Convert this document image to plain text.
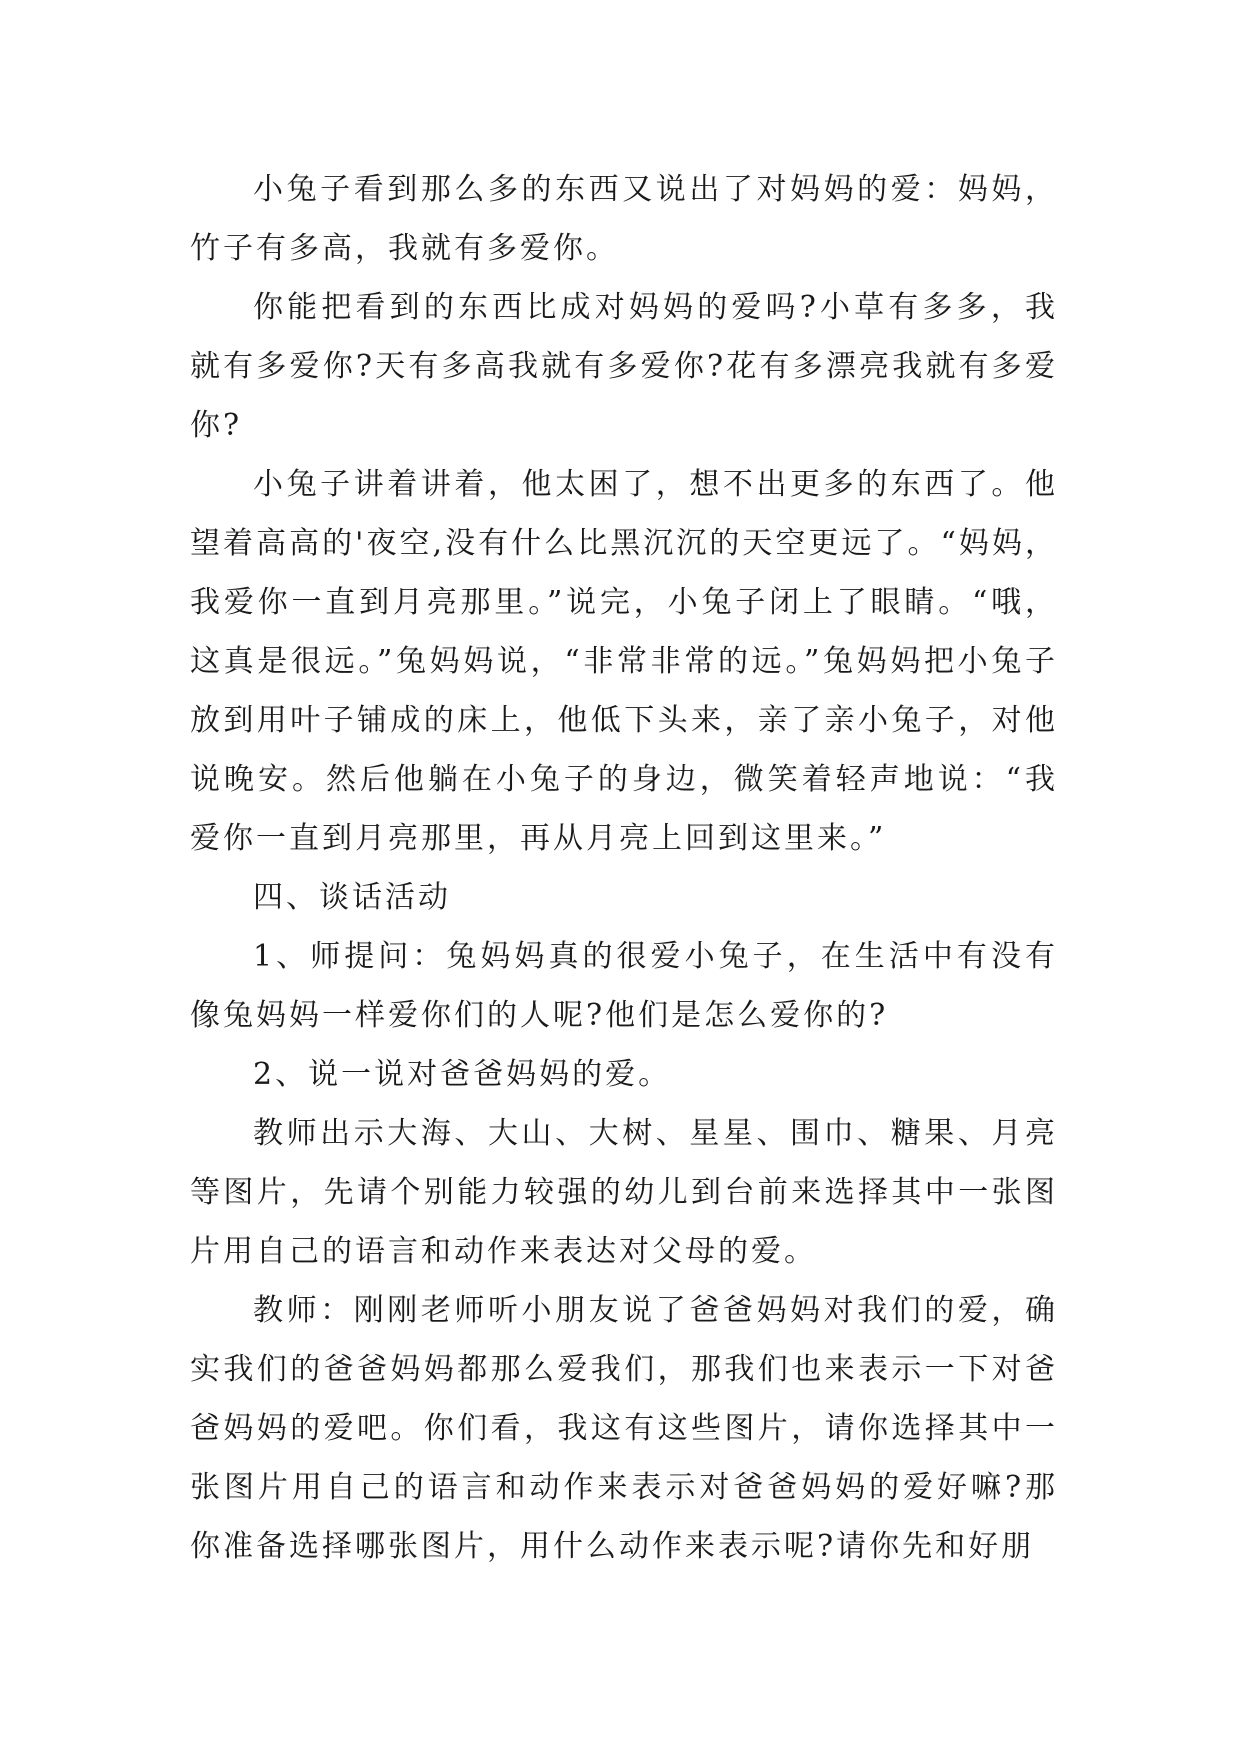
小兔子看到那么多的东西又说出了对妈妈的爱：妈妈，竹子有多高，我就有多爱你。

你能把看到的东西比成对妈妈的爱吗?小草有多多，我就有多爱你?天有多高我就有多爱你?花有多漂亮我就有多爱你?

小兔子讲着讲着，他太困了，想不出更多的东西了。他望着高高的'夜空,没有什么比黑沉沉的天空更远了。“妈妈，我爱你一直到月亮那里。”说完，小兔子闭上了眼睛。“哦，这真是很远。”兔妈妈说，“非常非常的远。”兔妈妈把小兔子放到用叶子铺成的床上，他低下头来，亲了亲小兔子，对他说晚安。然后他躺在小兔子的身边，微笑着轻声地说：“我爱你一直到月亮那里，再从月亮上回到这里来。”

四、谈话活动

1、师提问：兔妈妈真的很爱小兔子，在生活中有没有像兔妈妈一样爱你们的人呢?他们是怎么爱你的?

2、说一说对爸爸妈妈的爱。

教师出示大海、大山、大树、星星、围巾、糖果、月亮等图片，先请个别能力较强的幼儿到台前来选择其中一张图片用自己的语言和动作来表达对父母的爱。

教师：刚刚老师听小朋友说了爸爸妈妈对我们的爱，确实我们的爸爸妈妈都那么爱我们，那我们也来表示一下对爸爸妈妈的爱吧。你们看，我这有这些图片，请你选择其中一张图片用自己的语言和动作来表示对爸爸妈妈的爱好嘛?那你准备选择哪张图片，用什么动作来表示呢?请你先和好朋
